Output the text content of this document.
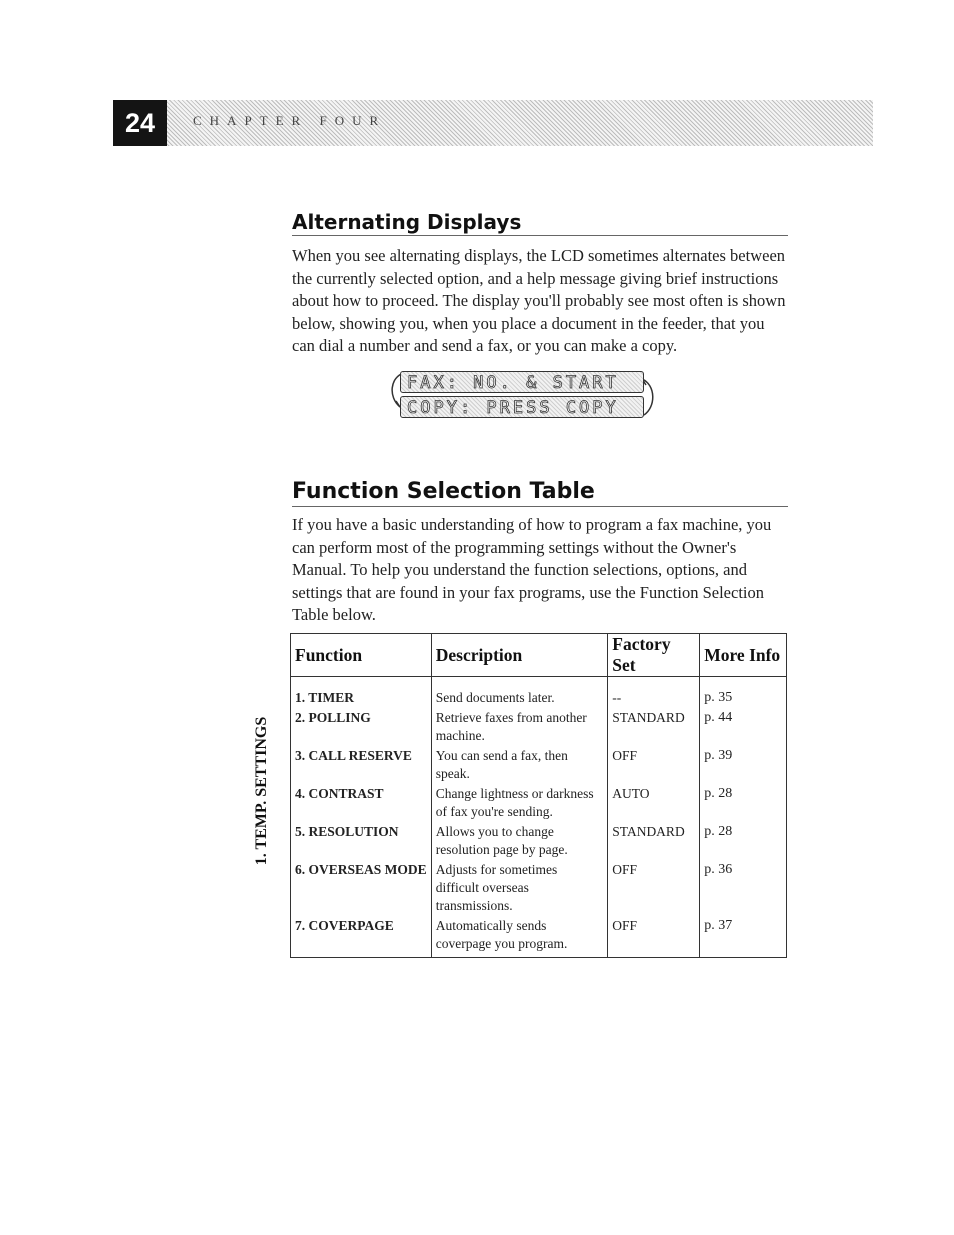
24	CHAPTER FOUR
Alternating Displays

When you see alternating displays, the LCD sometimes alternates between the currently selected option, and a help message giving brief instructions about how to proceed. The display you'll probably see most often is shown below, showing you, when you place a document in the feeder, that you can dial a number and send a fax, or you can make a copy.

FAX: NO. & START
COPY: PRESS COPY
Function Selection Table

If you have a basic understanding of how to program a fax machine, you can perform most of the programming settings without the Owner's Manual. To help you understand the function selections, options, and settings that are found in your fax programs, use the Function Selection Table below.

1. TEMP. SETTINGS
Function	Description	Factory Set	More Info
1. TIMER	Send documents later.	--	p. 35
2. POLLING	Retrieve faxes from another machine.	STANDARD	p. 44
3. CALL RESERVE	You can send a fax, then speak.	OFF	p. 39
4. CONTRAST	Change lightness or darkness of fax you're sending.	AUTO	p. 28
5. RESOLUTION	Allows you to change resolution page by page.	STANDARD	p. 28
6. OVERSEAS MODE	Adjusts for sometimes difficult overseas transmissions.	OFF	p. 36
7. COVERPAGE	Automatically sends coverpage you program.	OFF	p. 37
